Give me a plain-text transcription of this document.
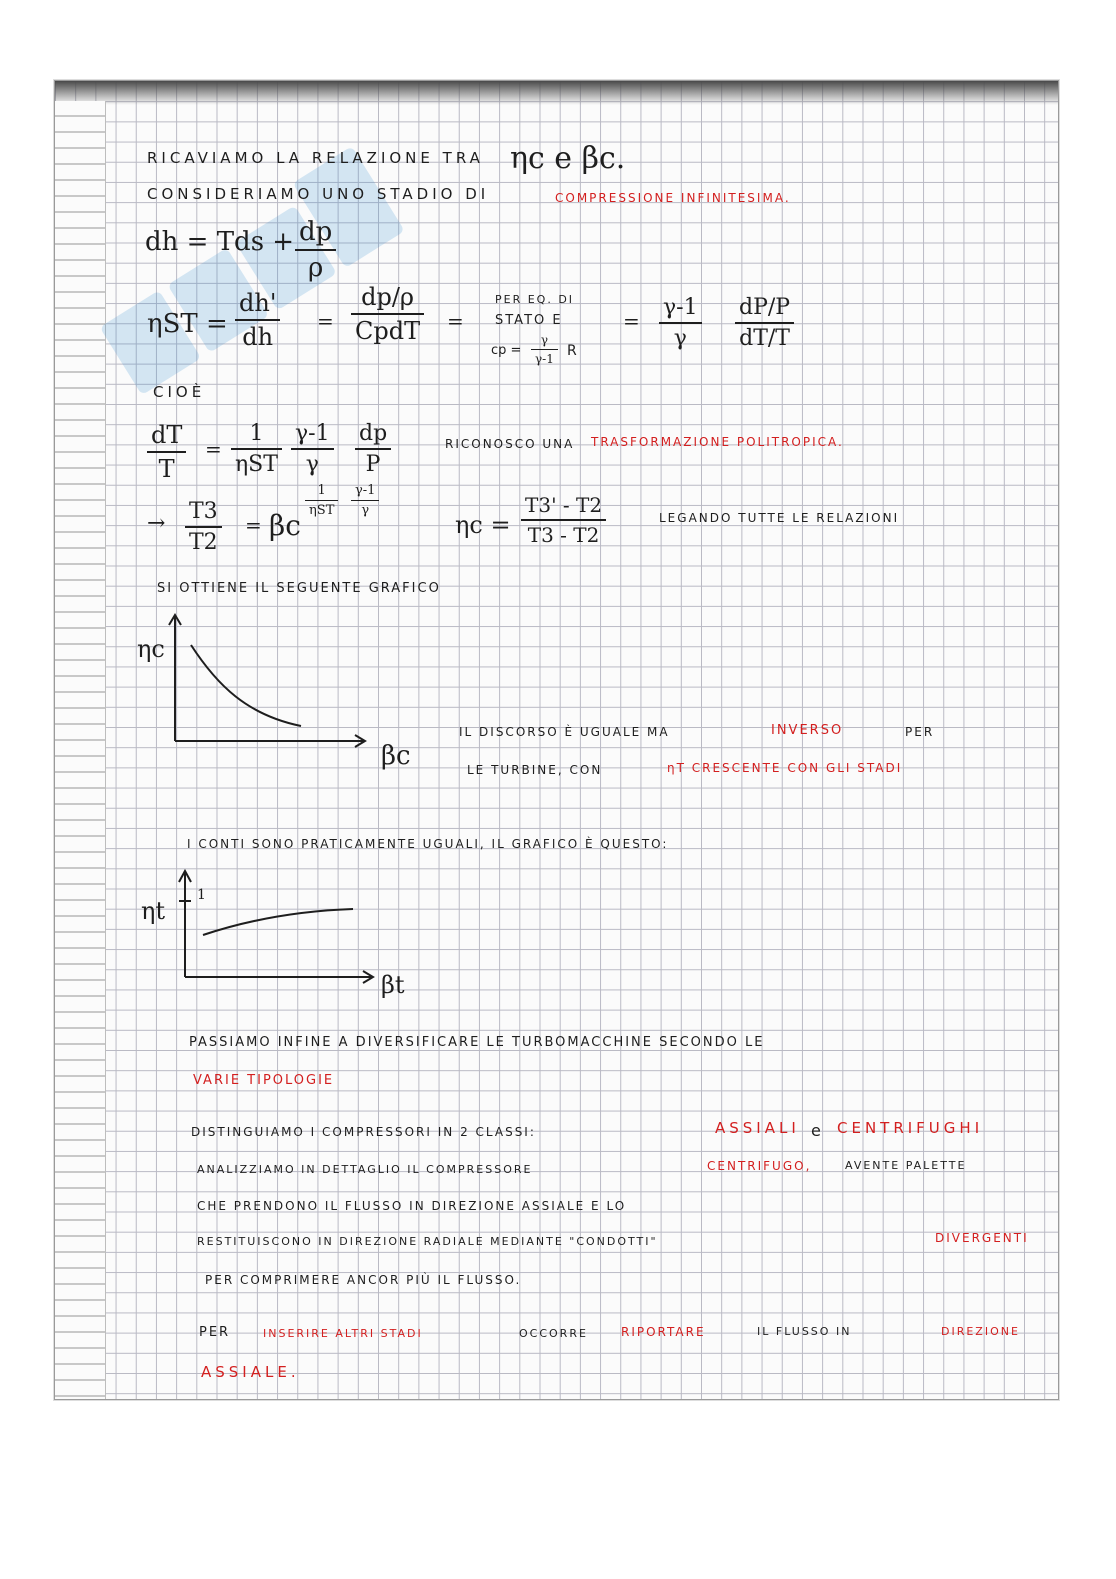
RICAVIAMO LA RELAZIONE TRA ηc e βc.
CONSIDERIAMO UNO STADIO DI	COMPRESSIONE INFINITESIMA.
dh = Tds + dp
ρ
ηST =
dh'
dh
=
dp/ρ
CpdT =
PER EQ. DI
STATO E
cp =
γ
γ-1 R
=
γ-1
γ
dP/P
dT/T
CIOÈ
dT
T
=
1
ηST
γ-1
γ
dp
P
RICONOSCO UNA TRASFORMAZIONE POLITROPICA.
→ T3
T2
= βc
1
ηST
γ-1
γ
ηc =
T3' - T2
T3 - T2
LEGANDO TUTTE LE RELAZIONI
SI OTTIENE IL SEGUENTE GRAFICO
ηc
βc
IL DISCORSO È UGUALE MA	INVERSO	PER
LE TURBINE, CON	ηT CRESCENTE CON GLI STADI
I CONTI SONO PRATICAMENTE UGUALI, IL GRAFICO È QUESTO:
1
ηt
βt
PASSIAMO INFINE A DIVERSIFICARE LE TURBOMACCHINE SECONDO LE
VARIE TIPOLOGIE
DISTINGUIAMO I COMPRESSORI IN 2 CLASSI:	ASSIALI e CENTRIFUGHI
ANALIZZIAMO IN DETTAGLIO IL COMPRESSORE	CENTRIFUGO,	AVENTE PALETTE
CHE PRENDONO IL FLUSSO IN DIREZIONE ASSIALE E LO
RESTITUISCONO IN DIREZIONE RADIALE MEDIANTE "CONDOTTI"	DIVERGENTI
PER COMPRIMERE ANCOR PIÙ IL FLUSSO.
PER	INSERIRE ALTRI STADI	OCCORRE	RIPORTARE	IL FLUSSO IN	DIREZIONE
ASSIALE.
